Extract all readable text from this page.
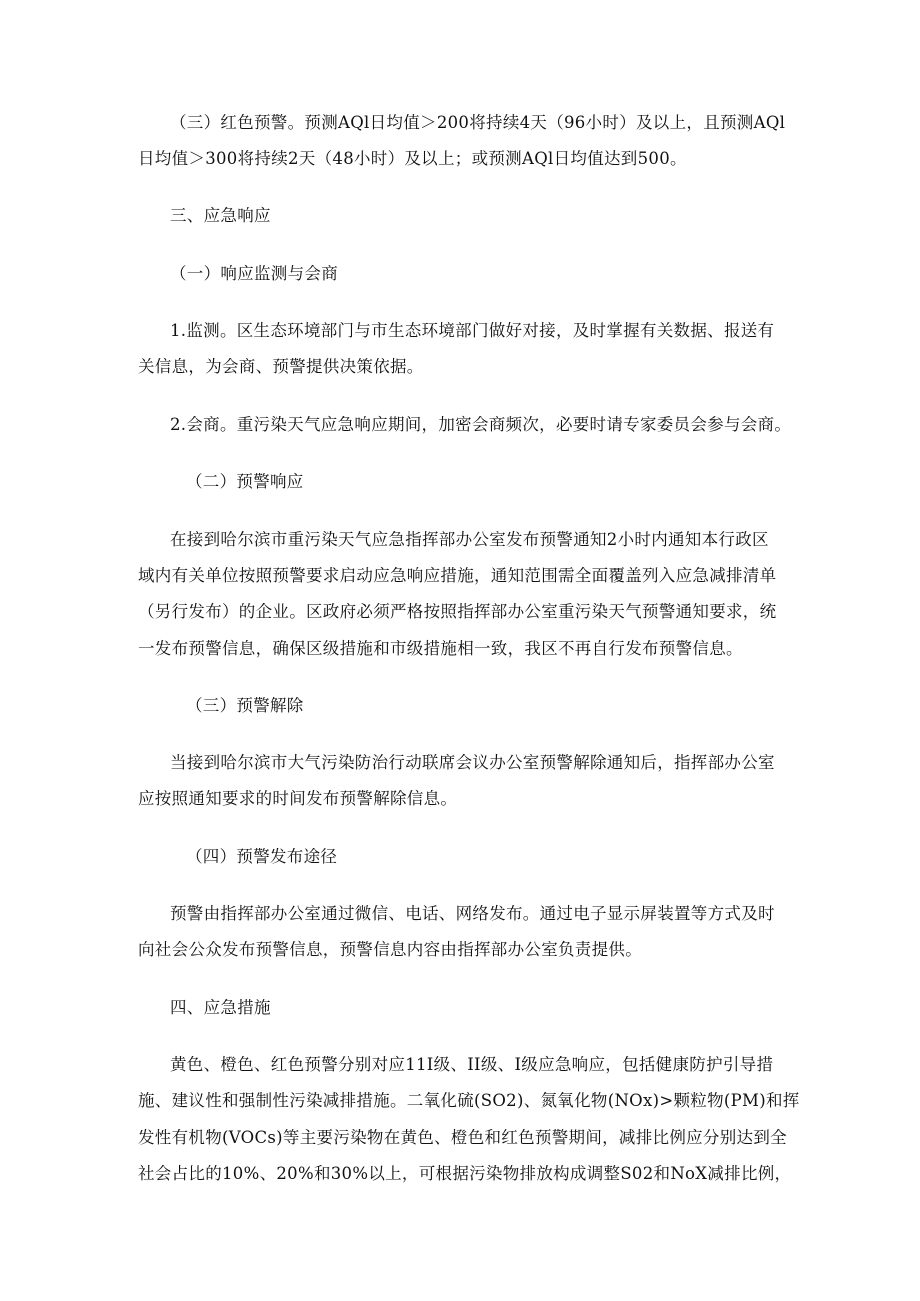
（三）红色预警。预测AQl日均值＞200将持续4天（96小时）及以上，且预测AQl
日均值＞300将持续2天（48小时）及以上；或预测AQl日均值达到500。
三、应急响应
（一）响应监测与会商
1.监测。区生态环境部门与市生态环境部门做好对接，及时掌握有关数据、报送有
关信息，为会商、预警提供决策依据。
2.会商。重污染天气应急响应期间，加密会商频次，必要时请专家委员会参与会商。
（二）预警响应
在接到哈尔滨市重污染天气应急指挥部办公室发布预警通知2小时内通知本行政区
域内有关单位按照预警要求启动应急响应措施，通知范围需全面覆盖列入应急减排清单
（另行发布）的企业。区政府必须严格按照指挥部办公室重污染天气预警通知要求，统
一发布预警信息，确保区级措施和市级措施相一致，我区不再自行发布预警信息。
（三）预警解除
当接到哈尔滨市大气污染防治行动联席会议办公室预警解除通知后，指挥部办公室
应按照通知要求的时间发布预警解除信息。
（四）预警发布途径
预警由指挥部办公室通过微信、电话、网络发布。通过电子显示屏装置等方式及时
向社会公众发布预警信息，预警信息内容由指挥部办公室负责提供。
四、应急措施
黄色、橙色、红色预警分别对应11I级、II级、I级应急响应，包括健康防护引导措
施、建议性和强制性污染减排措施。二氧化硫(SO2)、氮氧化物(NOx)>颗粒物(PM)和挥
发性有机物(VOCs)等主要污染物在黄色、橙色和红色预警期间，减排比例应分别达到全
社会占比的10%、20%和30%以上，可根据污染物排放构成调整S02和NoX减排比例，
